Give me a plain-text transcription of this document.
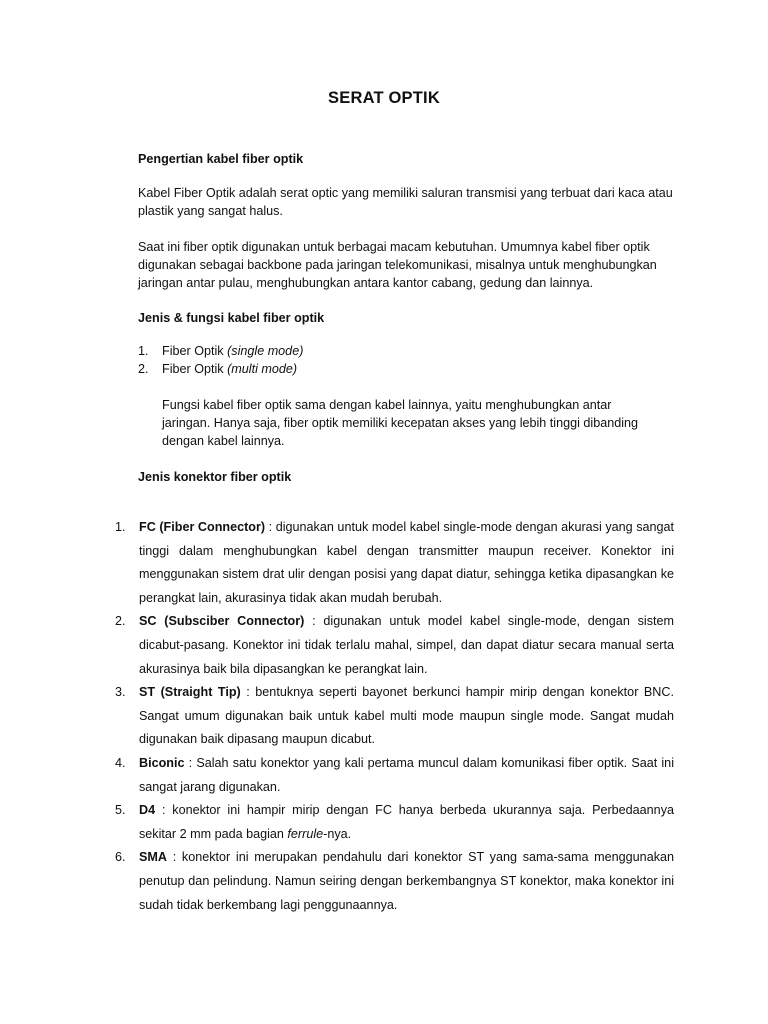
SERAT OPTIK
Pengertian kabel fiber optik
Kabel Fiber Optik adalah serat optic yang memiliki saluran transmisi yang terbuat dari kaca atau plastik yang sangat halus.
Saat ini fiber optik digunakan untuk berbagai macam kebutuhan. Umumnya kabel fiber optik digunakan sebagai backbone pada jaringan telekomunikasi, misalnya untuk menghubungkan jaringan antar pulau, menghubungkan antara kantor cabang, gedung dan lainnya.
Jenis & fungsi kabel fiber optik
1. Fiber Optik (single mode)
2. Fiber Optik (multi mode)
Fungsi kabel fiber optik sama dengan kabel lainnya, yaitu menghubungkan antar jaringan. Hanya saja, fiber optik memiliki kecepatan akses yang lebih tinggi dibanding dengan kabel lainnya.
Jenis konektor fiber optik
1. FC (Fiber Connector) : digunakan untuk model kabel single-mode dengan akurasi yang sangat tinggi dalam menghubungkan kabel dengan transmitter maupun receiver. Konektor ini menggunakan sistem drat ulir dengan posisi yang dapat diatur, sehingga ketika dipasangkan ke perangkat lain, akurasinya tidak akan mudah berubah.
2. SC (Subsciber Connector) : digunakan untuk model kabel single-mode, dengan sistem dicabut-pasang. Konektor ini tidak terlalu mahal, simpel, dan dapat diatur secara manual serta akurasinya baik bila dipasangkan ke perangkat lain.
3. ST (Straight Tip) : bentuknya seperti bayonet berkunci hampir mirip dengan konektor BNC. Sangat umum digunakan baik untuk kabel multi mode maupun single mode. Sangat mudah digunakan baik dipasang maupun dicabut.
4. Biconic : Salah satu konektor yang kali pertama muncul dalam komunikasi fiber optik. Saat ini sangat jarang digunakan.
5. D4 : konektor ini hampir mirip dengan FC hanya berbeda ukurannya saja. Perbedaannya sekitar 2 mm pada bagian ferrule-nya.
6. SMA : konektor ini merupakan pendahulu dari konektor ST yang sama-sama menggunakan penutup dan pelindung. Namun seiring dengan berkembangnya ST konektor, maka konektor ini sudah tidak berkembang lagi penggunaannya.
